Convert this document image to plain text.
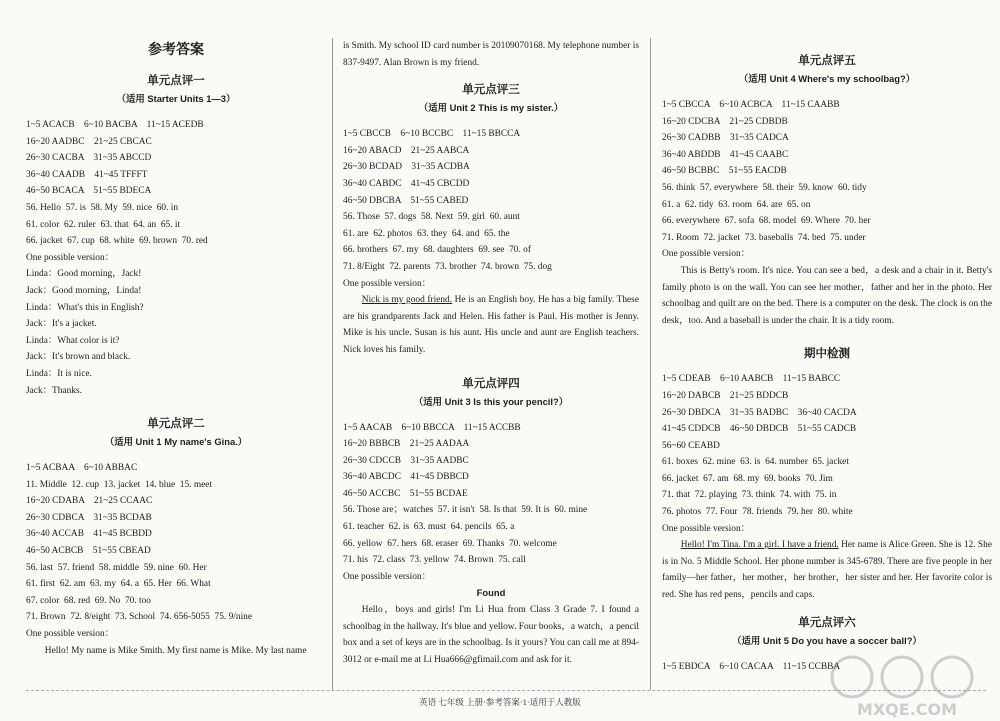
参考答案
单元点评一
（适用 Starter Units 1—3）
1~5 ACACB    6~10 BACBA    11~15 ACEDB
16~20 AADBC    21~25 CBCAC
26~30 CACBA    31~35 ABCCD
36~40 CAADB    41~45 TFFFT
46~50 BCACA    51~55 BDECA
56. Hello  57. is  58. My  59. nice  60. in
61. color  62. ruler  63. that  64. an  65. it
66. jacket  67. cup  68. white  69. brown  70. red
One possible version：
Linda：Good morning，Jack!
Jack：Good morning，Linda!
Linda：What's this in English?
Jack：It's a jacket.
Linda：What color is it?
Jack：It's brown and black.
Linda：It is nice.
Jack：Thanks.
单元点评二
（适用 Unit 1 My name's Gina.）
1~5 ACBAA    6~10 ABBAC
11. Middle  12. cup  13. jacket  14. blue  15. meet
16~20 CDABA    21~25 CCAAC
26~30 CDBCA    31~35 BCDAB
36~40 ACCAB    41~45 BCBDD
46~50 ACBCB    51~55 CBEAD
56. last  57. friend  58. middle  59. nine  60. Her
61. first  62. am  63. my  64. a  65. Her  66. What
67. color  68. red  69. No  70. too
71. Brown  72. 8/eight  73. School  74. 656-5055  75. 9/nine
One possible version：
Hello! My name is Mike Smith. My first name is Mike. My last name
is Smith. My school ID card number is 20109070168. My telephone number is 837-9497. Alan Brown is my friend.
单元点评三
（适用 Unit 2 This is my sister.）
1~5 CBCCB    6~10 BCCBC    11~15 BBCCA
16~20 ABACD    21~25 AABCA
26~30 BCDAD    31~35 ACDBA
36~40 CABDC    41~45 CBCDD
46~50 DBCBA    51~55 CABED
56. Those  57. dogs  58. Next  59. girl  60. aunt
61. are  62. photos  63. they  64. and  65. the
66. brothers  67. my  68. daughters  69. see  70. of
71. 8/Eight  72. parents  73. brother  74. brown  75. dog
One possible version：
Nick is my good friend. He is an English boy. He has a big family. These are his grandparents Jack and Helen. His father is Paul. His mother is Jenny. Mike is his uncle. Susan is his aunt. His uncle and aunt are English teachers. Nick loves his family.
单元点评四
（适用 Unit 3 Is this your pencil?）
1~5 AACAB    6~10 BBCCA    11~15 ACCBB
16~20 BBBCB    21~25 AADAA
26~30 CDCCB    31~35 AADBC
36~40 ABCDC    41~45 DBBCD
46~50 ACCBC    51~55 BCDAE
56. Those are；watches  57. it isn't  58. Is that  59. It is  60. mine
61. teacher  62. is  63. must  64. pencils  65. a
66. yellow  67. hers  68. eraser  69. Thanks  70. welcome
71. his  72. class  73. yellow  74. Brown  75. call
One possible version：
Found
Hello，boys and girls! I'm Li Hua from Class 3 Grade 7. I found a schoolbag in the hallway. It's blue and yellow. Four books，a watch，a pencil box and a set of keys are in the schoolbag. Is it yours? You can call me at 894-3012 or e-mail me at Li Hua666@gfimail.com and ask for it.
单元点评五
（适用 Unit 4 Where's my schoolbag?）
1~5 CBCCA    6~10 ACBCA    11~15 CAABB
16~20 CDCBA    21~25 CDBDB
26~30 CADBB    31~35 CADCA
36~40 ABDDB    41~45 CAABC
46~50 BCBBC    51~55 EACDB
56. think  57. everywhere  58. their  59. know  60. tidy
61. a  62. tidy  63. room  64. are  65. on
66. everywhere  67. sofa  68. model  69. Where  70. her
71. Room  72. jacket  73. baseballs  74. bed  75. under
One possible version：
This is Betty's room. It's nice. You can see a bed，a desk and a chair in it. Betty's family photo is on the wall. You can see her mother，father and her in the photo. Her schoolbag and quilt are on the bed. There is a computer on the desk. The clock is on the desk，too. And a baseball is under the chair. It is a tidy room.
期中检测
1~5 CDEAB    6~10 AABCB    11~15 BABCC
16~20 DABCB    21~25 BDDCB
26~30 DBDCA    31~35 BADBC    36~40 CACDA
41~45 CDDCB    46~50 DBDCB    51~55 CADCB
56~60 CEABD
61. boxes  62. mine  63. is  64. number  65. jacket
66. jacket  67. am  68. my  69. books  70. Jim
71. that  72. playing  73. think  74. with  75. in
76. photos  77. Four  78. friends  79. her  80. white
One possible version：
Hello! I'm Tina. I'm a girl. I have a friend. Her name is Alice Green. She is 12. She is in No. 5 Middle School. Her phone number is 345-6789. There are five people in her family—her father，her mother，her brother，her sister and her. Her favorite color is red. She has red pens，pencils and caps.
单元点评六
（适用 Unit 5 Do you have a soccer ball?）
1~5 EBDCA    6~10 CACAA    11~15 CCBBA
英语 七年级 上册·参考答案·1·适用于人教版	MXQE.COM
